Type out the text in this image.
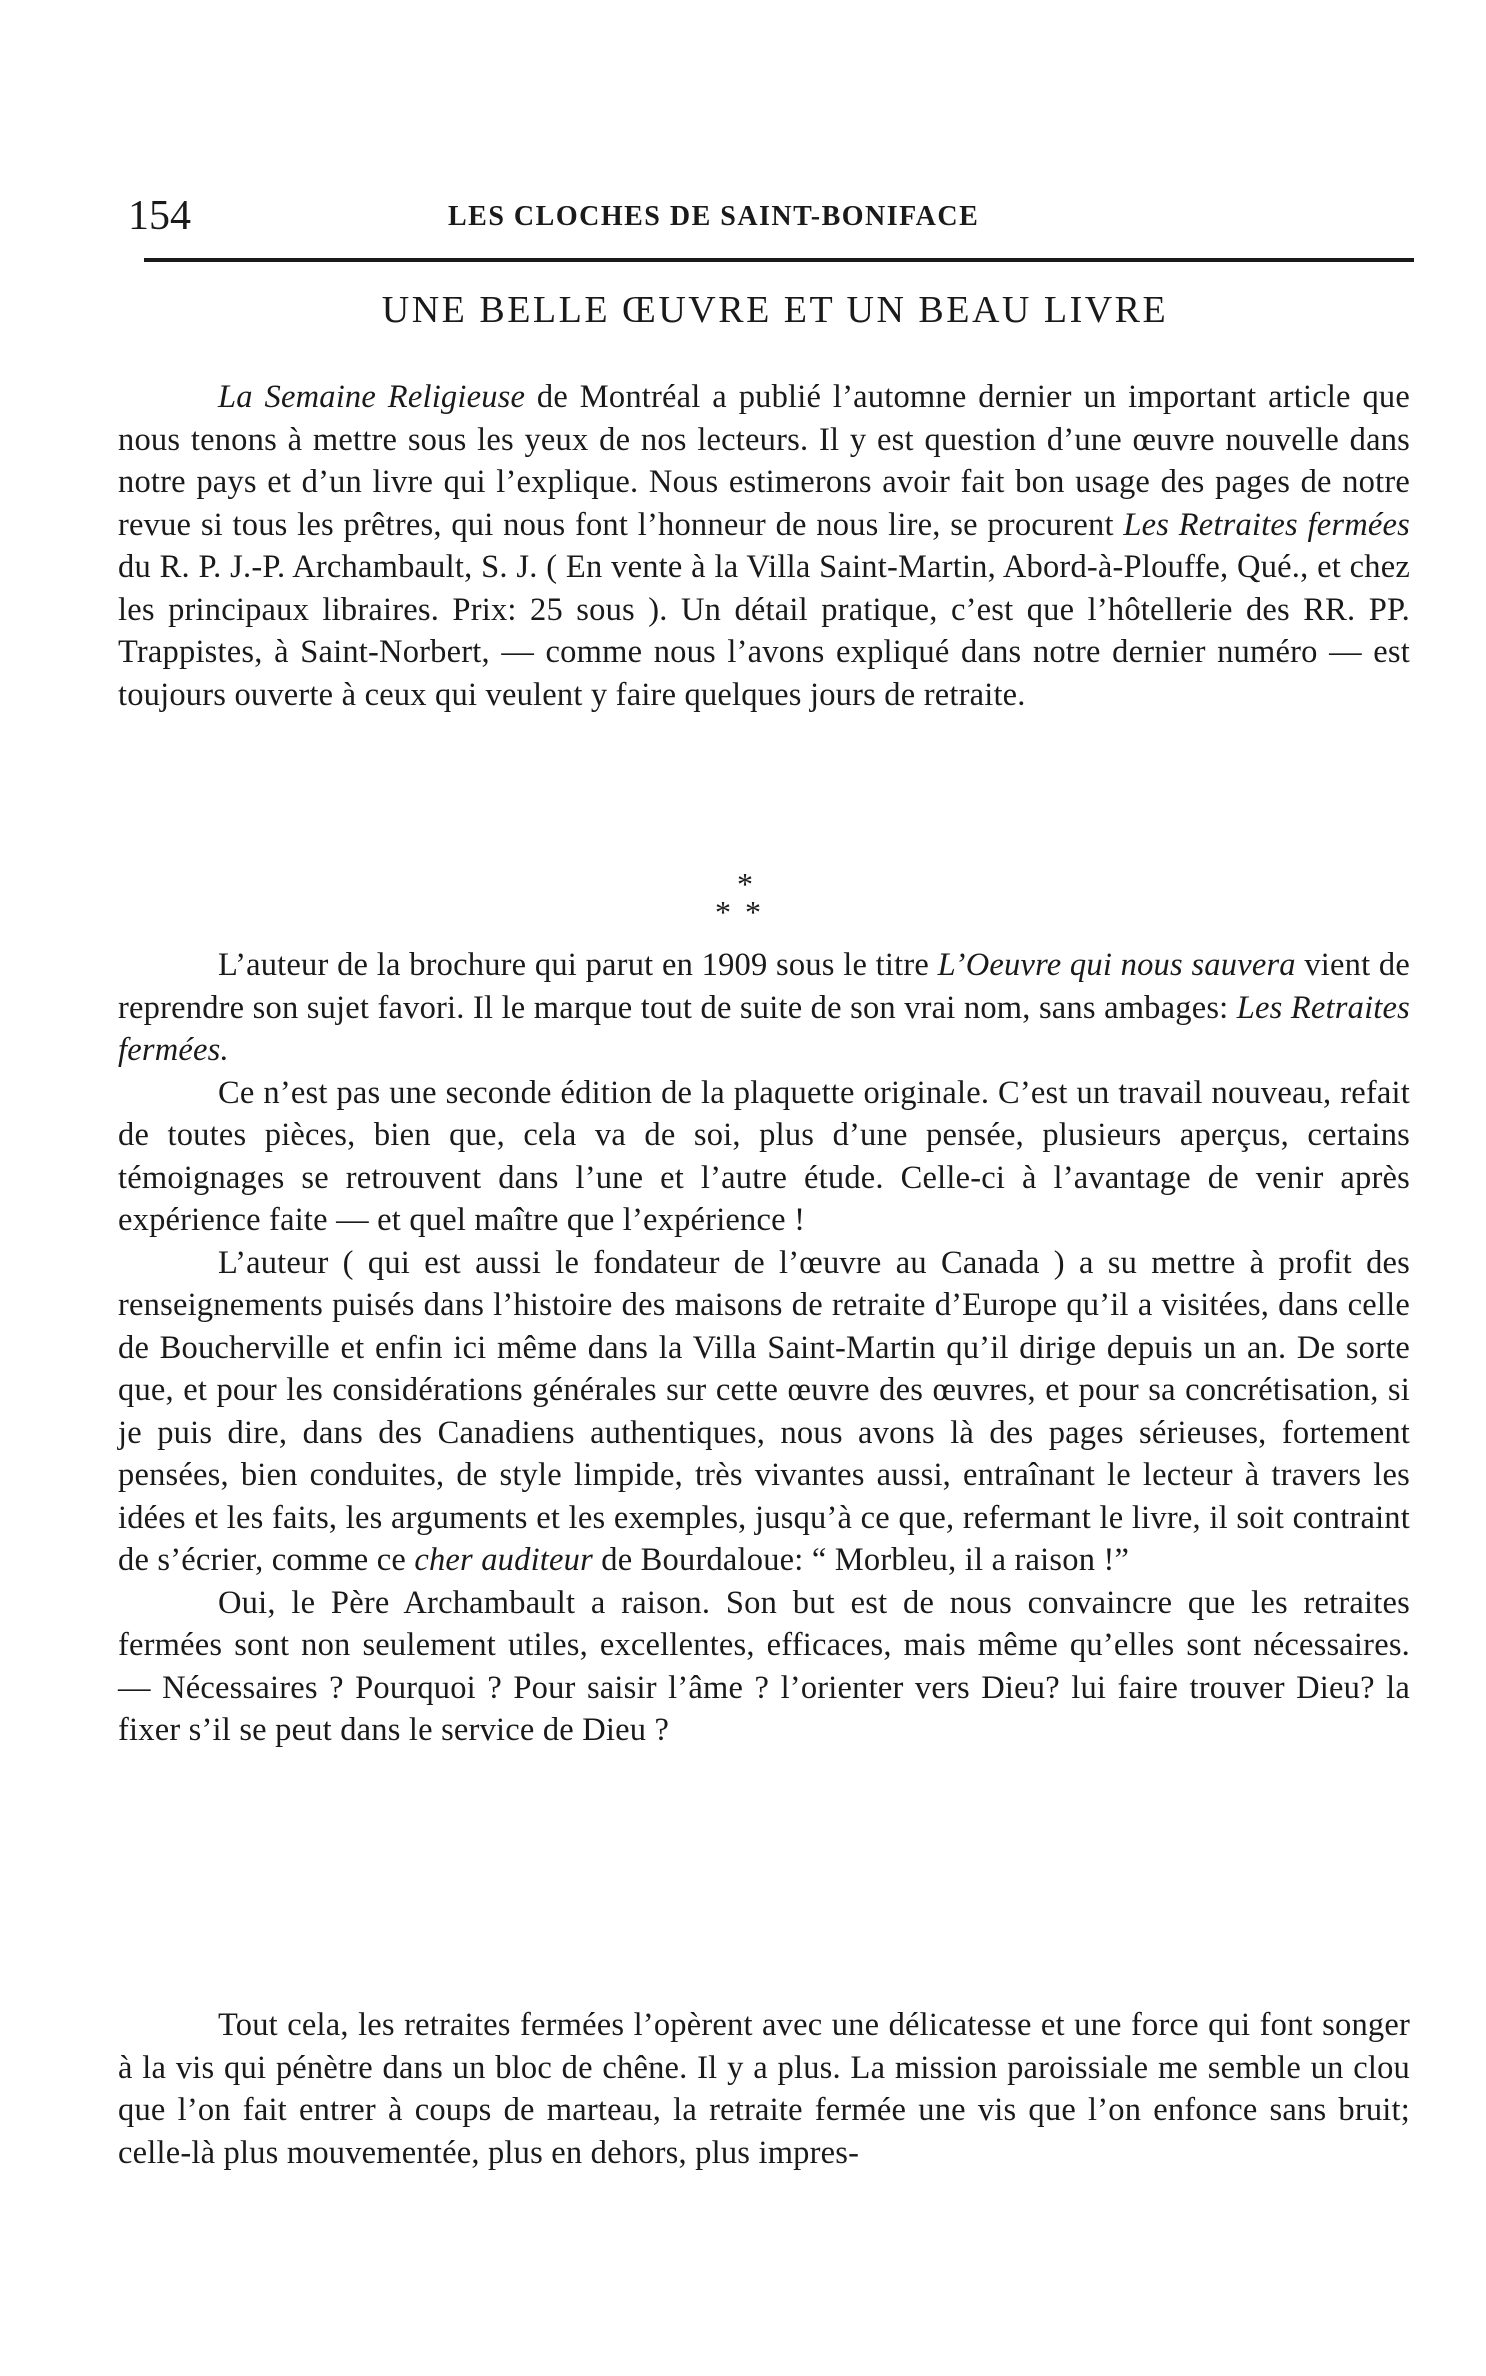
154	LES CLOCHES DE SAINT-BONIFACE
UNE BELLE ŒUVRE ET UN BEAU LIVRE

La Semaine Religieuse de Montréal a publié l’automne dernier un important article que nous tenons à mettre sous les yeux de nos lecteurs. Il y est question d’une œuvre nouvelle dans notre pays et d’un livre qui l’explique. Nous estimerons avoir fait bon usage des pages de notre revue si tous les prêtres, qui nous font l’honneur de nous lire, se procurent Les Retraites fermées du R. P. J.-P. Archambault, S. J. ( En vente à la Villa Saint-Martin, Abord-à-Plouffe, Qué., et chez les principaux libraires. Prix: 25 sous ). Un détail pratique, c’est que l’hôtellerie des RR. PP. Trappistes, à Saint-Norbert, — comme nous l’avons expliqué dans notre dernier numéro — est toujours ouverte à ceux qui veulent y faire quelques jours de retraite.

*
**

L’auteur de la brochure qui parut en 1909 sous le titre L’Oeuvre qui nous sauvera vient de reprendre son sujet favori. Il le marque tout de suite de son vrai nom, sans ambages: Les Retraites fermées.

Ce n’est pas une seconde édition de la plaquette originale. C’est un travail nouveau, refait de toutes pièces, bien que, cela va de soi, plus d’une pensée, plusieurs aperçus, certains témoignages se retrouvent dans l’une et l’autre étude. Celle-ci à l’avantage de venir après expérience faite — et quel maître que l’expérience !

L’auteur ( qui est aussi le fondateur de l’œuvre au Canada ) a su mettre à profit des renseignements puisés dans l’histoire des maisons de retraite d’Europe qu’il a visitées, dans celle de Boucherville et enfin ici même dans la Villa Saint-Martin qu’il dirige depuis un an. De sorte que, et pour les considérations générales sur cette œuvre des œuvres, et pour sa concrétisation, si je puis dire, dans des Canadiens authentiques, nous avons là des pages sérieuses, fortement pensées, bien conduites, de style limpide, très vivantes aussi, entraînant le lecteur à travers les idées et les faits, les arguments et les exemples, jusqu’à ce que, refermant le livre, il soit contraint de s’écrier, comme ce cher auditeur de Bourdaloue: “ Morbleu, il a raison !”

Oui, le Père Archambault a raison. Son but est de nous convaincre que les retraites fermées sont non seulement utiles, excellentes, efficaces, mais même qu’elles sont nécessaires. — Nécessaires ? Pourquoi ? Pour saisir l’âme ? l’orienter vers Dieu? lui faire trouver Dieu? la fixer s’il se peut dans le service de Dieu ?

Tout cela, les retraites fermées l’opèrent avec une délicatesse et une force qui font songer à la vis qui pénètre dans un bloc de chêne. Il y a plus. La mission paroissiale me semble un clou que l’on fait entrer à coups de marteau, la retraite fermée une vis que l’on enfonce sans bruit; celle-là plus mouvementée, plus en dehors, plus impres-
